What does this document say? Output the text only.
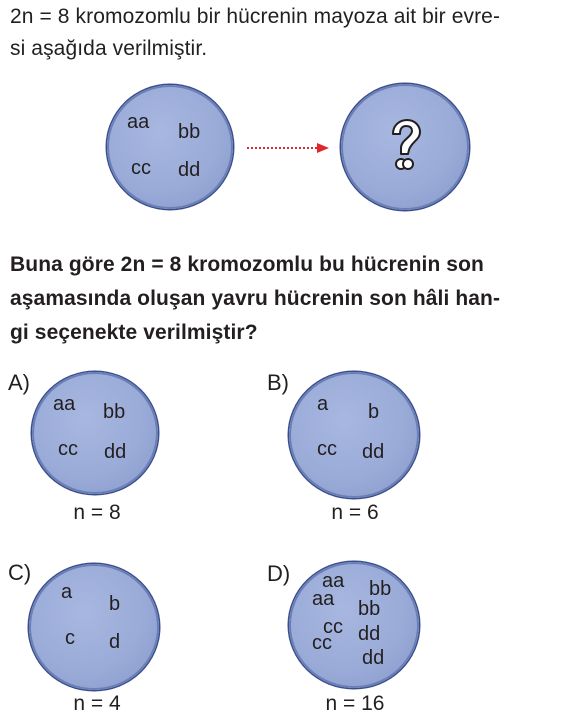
2n = 8 kromozomlu bir hücrenin mayoza ait bir evre-
si aşağıda verilmiştir.
aa bb
cc dd
Buna göre 2n = 8 kromozomlu bu hücrenin son
aşamasında oluşan yavru hücrenin son hâli han-
gi seçenekte verilmiştir?
A)
aa bb
cc dd
n = 8
B)
a b
cc dd
n = 6
C)
a
b
c d
n = 4
D) aa bb
aa bb
cc dd
cc
dd
n = 16
